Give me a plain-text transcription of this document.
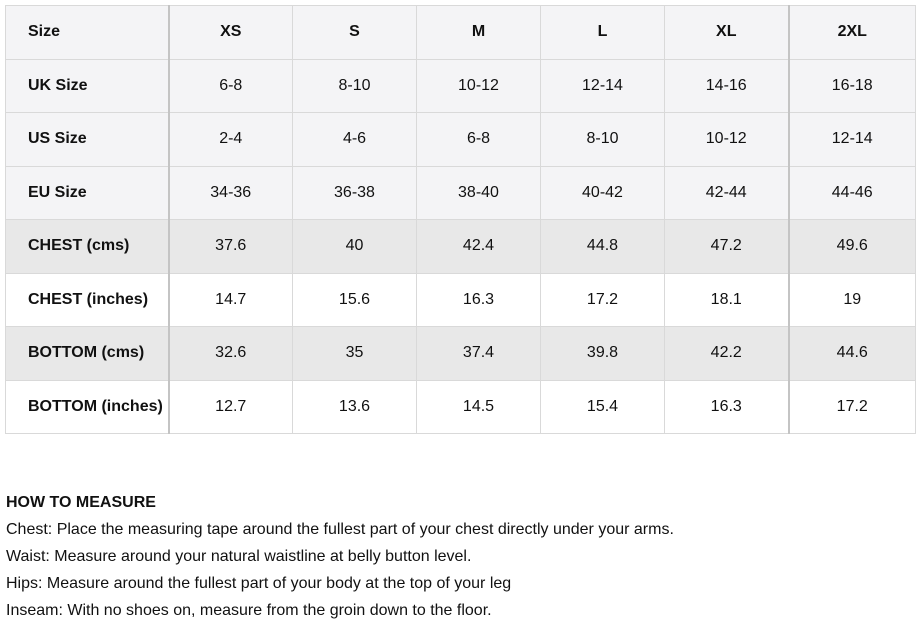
Size	XS	S	M	L	XL	2XL
UK Size	6-8	8-10	10-12	12-14	14-16	16-18
US Size	2-4	4-6	6-8	8-10	10-12	12-14
EU Size	34-36	36-38	38-40	40-42	42-44	44-46
CHEST (cms)	37.6	40	42.4	44.8	47.2	49.6
CHEST (inches)	14.7	15.6	16.3	17.2	18.1	19
BOTTOM (cms)	32.6	35	37.4	39.8	42.2	44.6
BOTTOM (inches)	12.7	13.6	14.5	15.4	16.3	17.2
HOW TO MEASURE
Chest: Place the measuring tape around the fullest part of your chest directly under your arms.
Waist: Measure around your natural waistline at belly button level.
Hips: Measure around the fullest part of your body at the top of your leg
Inseam: With no shoes on, measure from the groin down to the floor.
